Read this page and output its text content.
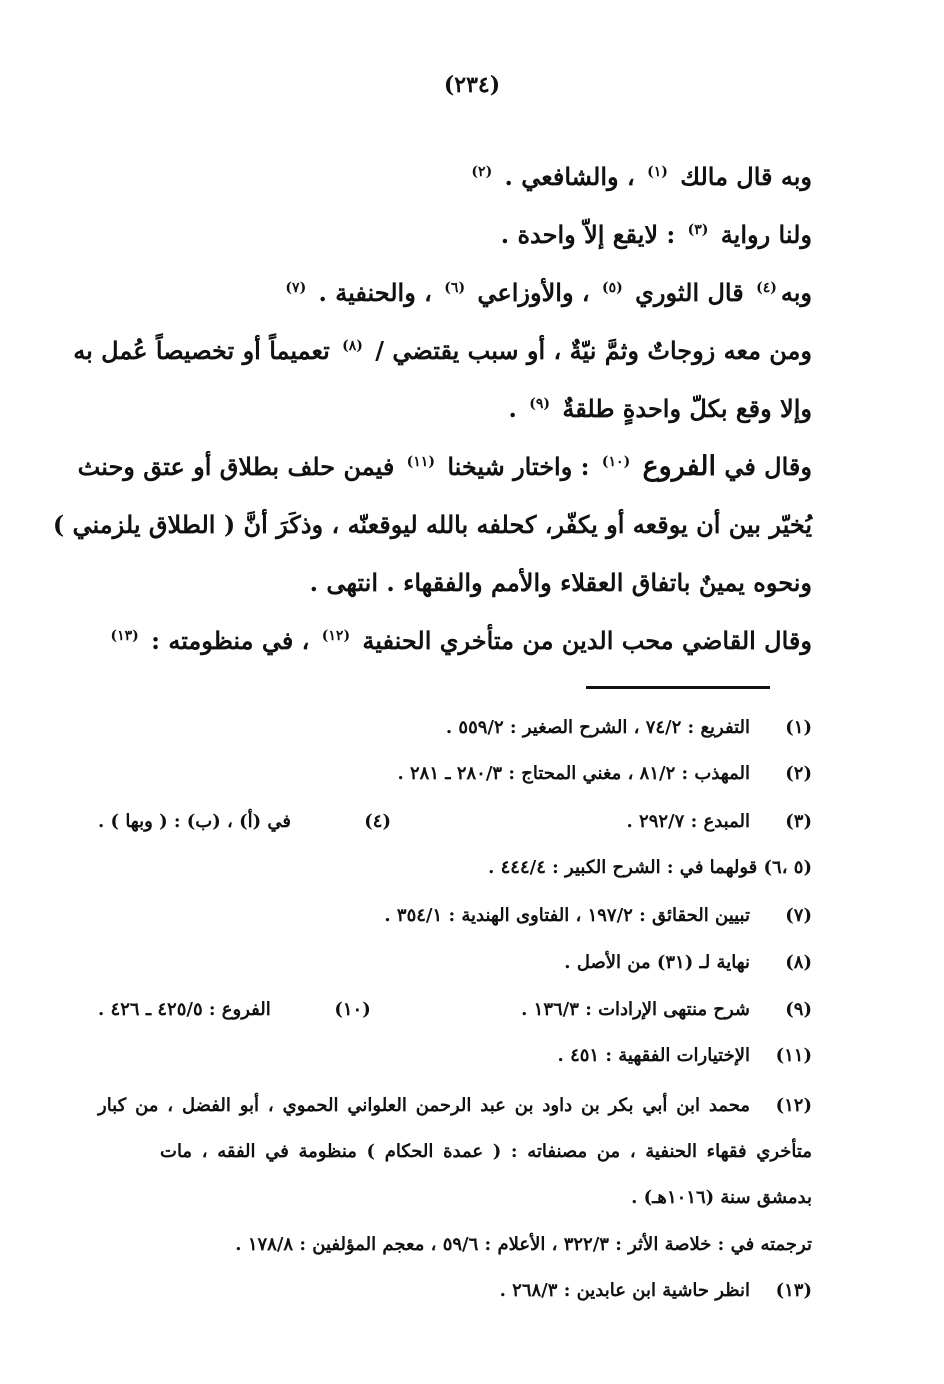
(٢٣٤)
وبه قال مالك $^{(١)}$ ، والشافعي . $^{(٢)}$
ولنا رواية $^{(٣)}$ : لايقع إلاّ واحدة .
وبه$^{(٤)}$ قال الثوري $^{(٥)}$ ، والأوزاعي $^{(٦)}$ ، والحنفية . $^{(٧)}$
ومن معه زوجاتٌ وثمَّ نيّةٌ ، أو سبب يقتضي / $^{(٨)}$ تعميماً أو تخصيصاً عُمل به
وإلا وقع بكلّ واحدةٍ طلقةٌ $^{(٩)}$ .
وقال في الفروع $^{(١٠)}$ : واختار شيخنا $^{(١١)}$ فيمن حلف بطلاق أو عتق وحنث
يُخيّر بين أن يوقعه أو يكفّر، كحلفه بالله ليوقعنّه ، وذكَرَ أنَّ ( الطلاق يلزمني )
ونحوه يمينٌ باتفاق العقلاء والأمم والفقهاء . انتهى .
وقال القاضي محب الدين من متأخري الحنفية $^{(١٢)}$ ، في منظومته : $^{(١٣)}$
(١)التفريع : ٧٤/٢ ، الشرح الصغير : ٥٥٩/٢ .
(٢)المهذب : ٨١/٢ ، مغني المحتاج : ٢٨٠/٣ ـ ٢٨١ .
(٣)المبدع : ٢٩٢/٧ .
(٤)في (أ) ، (ب) : ( وبها ) .
(٥ ،٦) قولهما في : الشرح الكبير : ٤٤٤/٤ .
(٧)تبيين الحقائق : ١٩٧/٢ ، الفتاوى الهندية : ٣٥٤/١ .
(٨)نهاية لـ (٣١) من الأصل .
(٩)شرح منتهى الإرادات : ١٣٦/٣ .
(١٠)الفروع : ٤٢٥/٥ ـ ٤٢٦ .
(١١)الإختيارات الفقهية : ٤٥١ .
(١٢)محمد ابن أبي بكر بن داود بن عبد الرحمن العلواني الحموي ، أبو الفضل ، من كبار
متأخري فقهاء الحنفية ، من مصنفاته : ( عمدة الحكام ) منظومة في الفقه ، مات
بدمشق سنة (١٠١٦هـ) .
ترجمته في : خلاصة الأثر : ٣٢٢/٣ ، الأعلام : ٥٩/٦ ، معجم المؤلفين : ١٧٨/٨ .
(١٣)انظر حاشية ابن عابدين : ٢٦٨/٣ .
